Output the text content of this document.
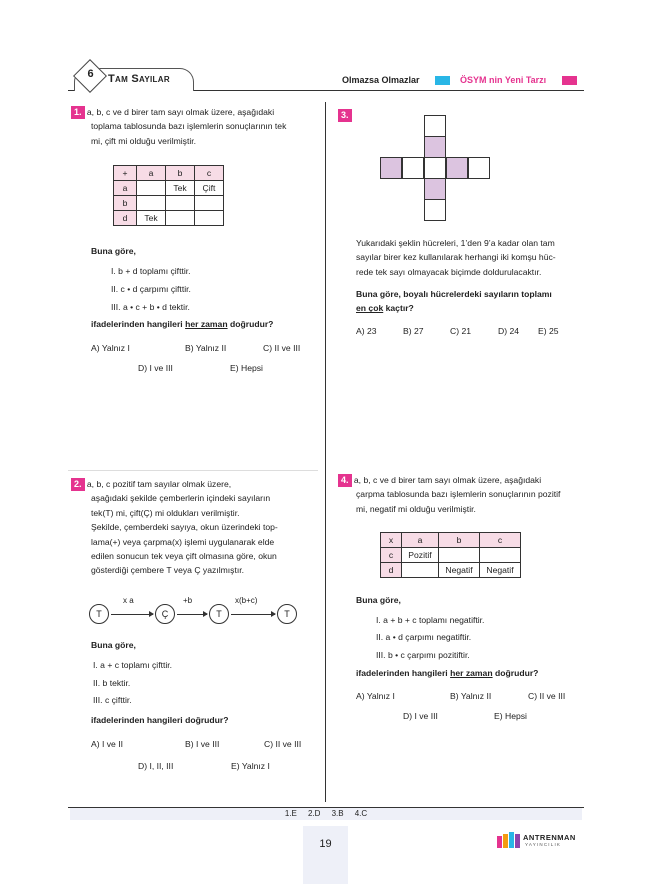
6	Tam Sayılar	Olmazsa Olmazlar	ÖSYM nin Yeni Tarzı
1. a, b, c ve d birer tam sayı olmak üzere, aşağıdaki
toplama tablosunda bazı işlemlerin sonuçlarının tek
mi, çift mi olduğu verilmiştir.
+	a	b	c
a		Tek	Çift
b			
d	Tek		
Buna göre,
I. b + d toplamı çifttir.
II. c • d çarpımı çifttir.
III. a • c + b • d tektir.
ifadelerinden hangileri her zaman doğrudur?
A) Yalnız I	B) Yalnız II	C) II ve III
D) I ve III	E) Hepsi
3.
Yukarıdaki şeklin hücreleri, 1’den 9’a kadar olan tam
sayılar birer kez kullanılarak herhangi iki komşu hüc-
rede tek sayı olmayacak biçimde doldurulacaktır.
Buna göre, boyalı hücrelerdeki sayıların toplamı
en çok kaçtır?
A) 23	B) 27	C) 21	D) 24 E) 25
2. a, b, c pozitif tam sayılar olmak üzere,
aşağıdaki şekilde çemberlerin içindeki sayıların
tek(T) mi, çift(Ç) mi oldukları verilmiştir.
Şekilde, çemberdeki sayıya, okun üzerindeki top-
lama(+) veya çarpma(x) işlemi uygulanarak elde
edilen sonucun tek veya çift olmasına göre, okun
gösterdiği çembere T veya Ç yazılmıştır.
T
x a
Ç
+b
T
x(b+c)
T
Buna göre,
I. a + c toplamı çifttir.
II. b tektir.
III. c çifttir.
ifadelerinden hangileri doğrudur?
A) I ve II	B) I ve III	C) II ve III
D) I, II, III	E) Yalnız I
4. a, b, c ve d birer tam sayı olmak üzere, aşağıdaki
çarpma tablosunda bazı işlemlerin sonuçlarının pozitif
mi, negatif mi olduğu verilmiştir.
x	a	b	c
c	Pozitif		
d		Negatif	Negatif
Buna göre,
I. a + b + c toplamı negatiftir.
II. a • d çarpımı negatiftir.
III. b • c çarpımı pozitiftir.
ifadelerinden hangileri her zaman doğrudur?
A) Yalnız I	B) Yalnız II	C) II ve III
D) I ve III	E) Hepsi
1.E 2.D 3.B 4.C
19
ANTRENMAN
YAYINCILIK
